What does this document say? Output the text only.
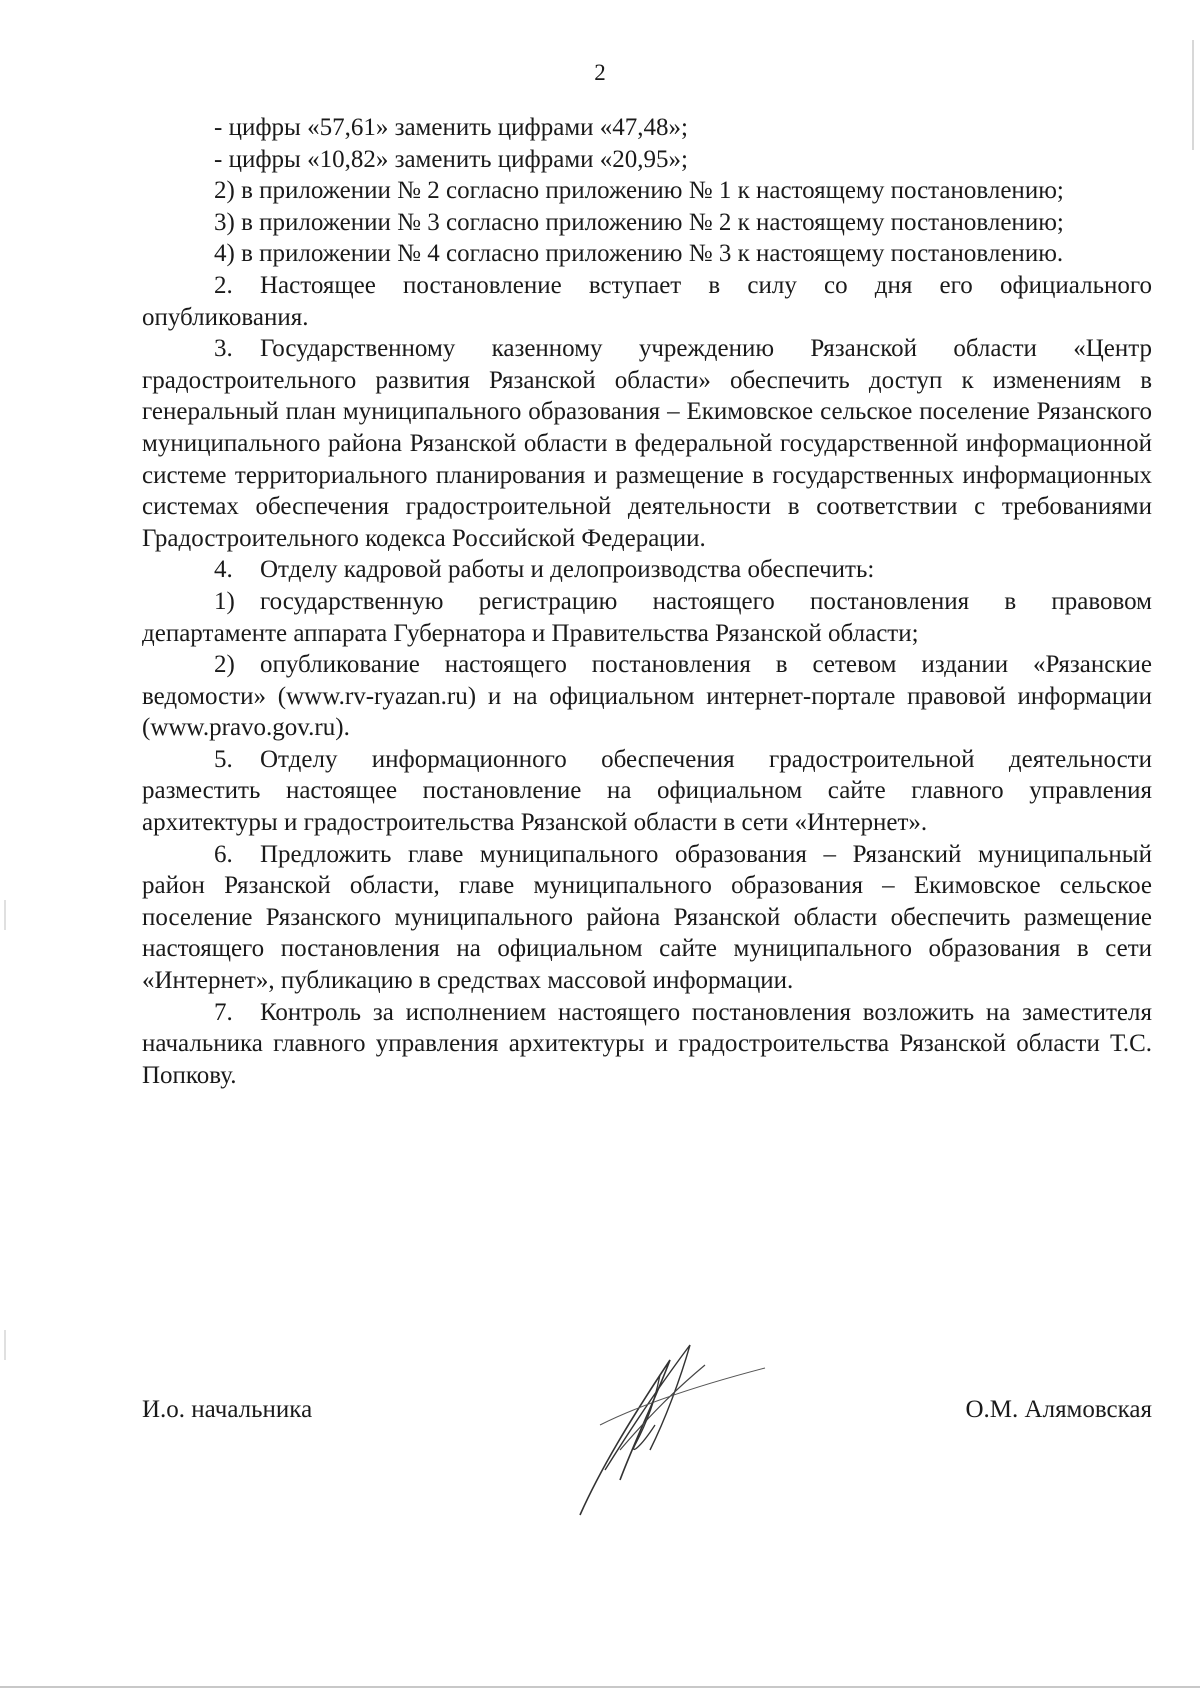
2

- цифры «57,61» заменить цифрами «47,48»;

- цифры «10,82» заменить цифрами «20,95»;

2) в приложении № 2 согласно приложению № 1 к настоящему постановлению;

3) в приложении № 3 согласно приложению № 2 к настоящему постановлению;

4) в приложении № 4 согласно приложению № 3 к настоящему постановлению.

2. Настоящее постановление вступает в силу со дня его официального опубликования.

3. Государственному казенному учреждению Рязанской области «Центр градостроительного развития Рязанской области» обеспечить доступ к изменениям в генеральный план муниципального образования – Екимовское сельское поселение Рязанского муниципального района Рязанской области в федеральной государственной информационной системе территориального планирования и размещение в государственных информационных системах обеспечения градостроительной деятельности в соответствии с требованиями Градостроительного кодекса Российской Федерации.

4. Отделу кадровой работы и делопроизводства обеспечить:

1) государственную регистрацию настоящего постановления в правовом департаменте аппарата Губернатора и Правительства Рязанской области;

2) опубликование настоящего постановления в сетевом издании «Рязанские ведомости» (www.rv-ryazan.ru) и на официальном интернет-портале правовой информации (www.pravo.gov.ru).

5. Отделу информационного обеспечения градостроительной деятельности разместить настоящее постановление на официальном сайте главного управления архитектуры и градостроительства Рязанской области в сети «Интернет».

6. Предложить главе муниципального образования – Рязанский муниципальный район Рязанской области, главе муниципального образования – Екимовское сельское поселение Рязанского муниципального района Рязанской области обеспечить размещение настоящего постановления на официальном сайте муниципального образования в сети «Интернет», публикацию в средствах массовой информации.

7. Контроль за исполнением настоящего постановления возложить на заместителя начальника главного управления архитектуры и градостроительства Рязанской области Т.С. Попкову.

И.о. начальника	О.М. Алямовская
